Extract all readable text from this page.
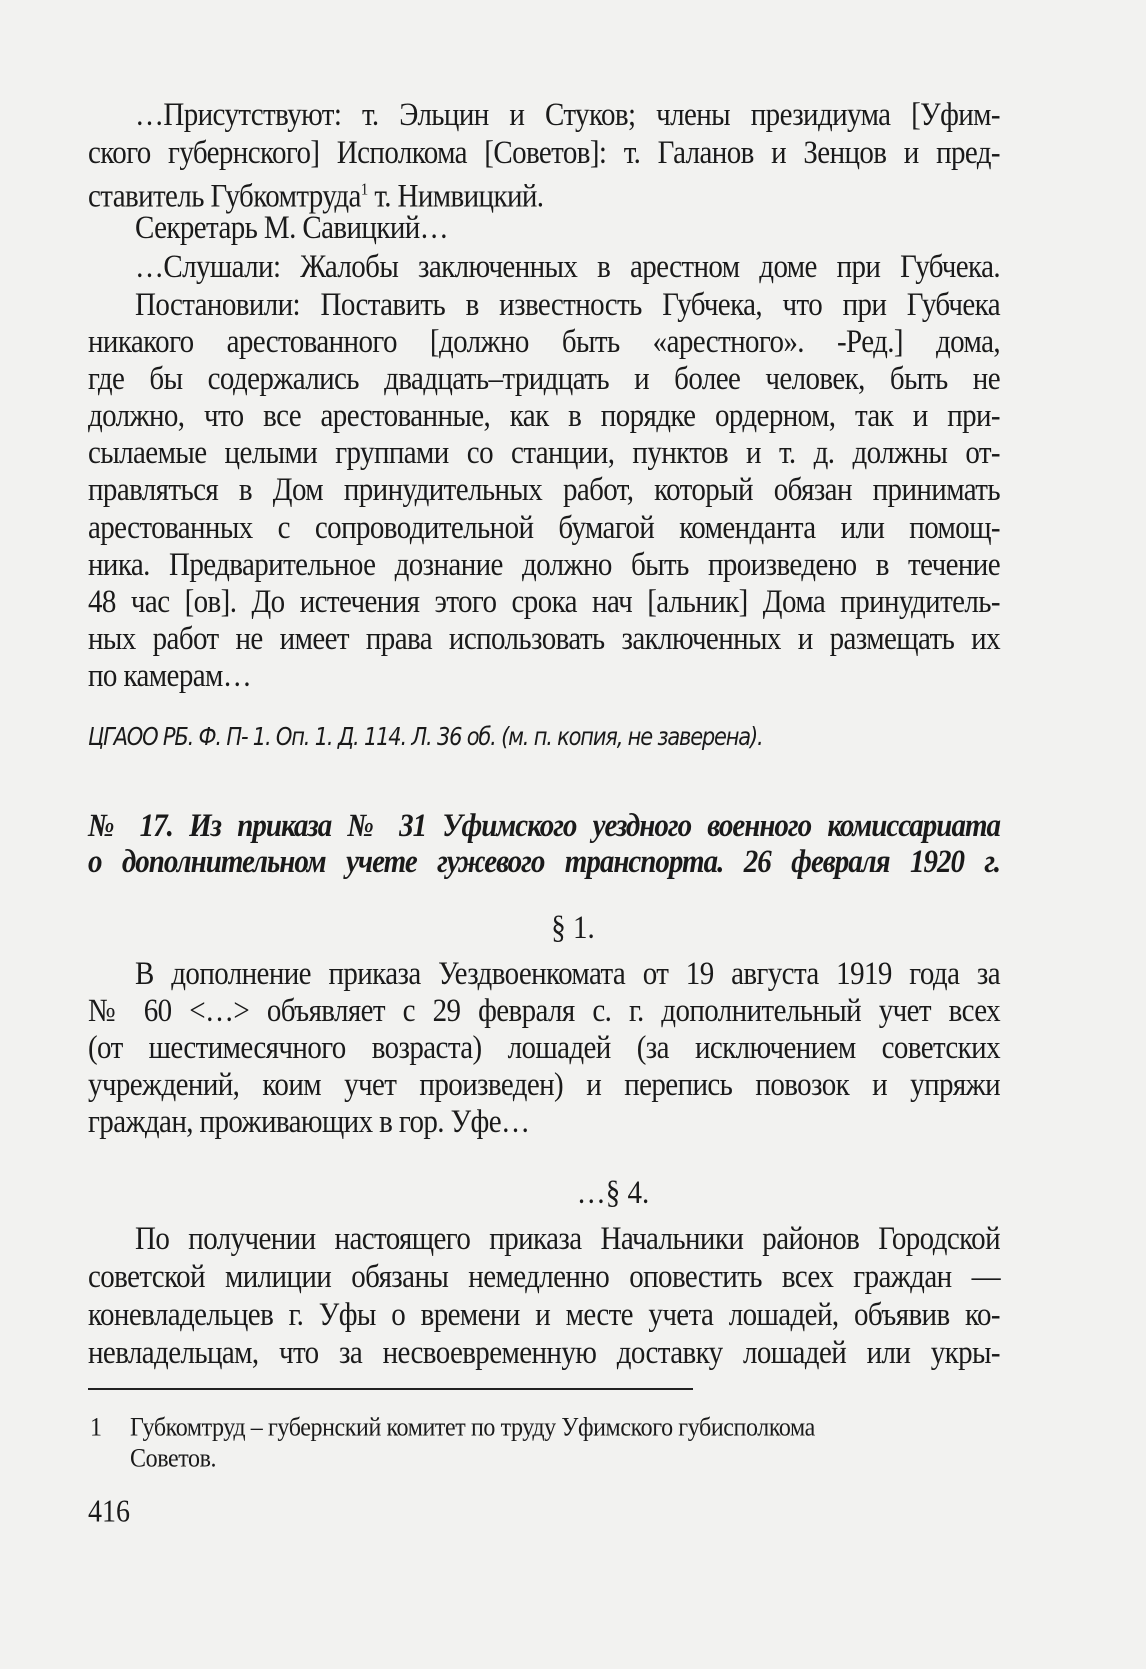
…Присутствуют: т. Эльцин и Стуков; члены президиума [Уфим-
ского губернского] Исполкома [Советов]: т. Галанов и Зенцов и пред-
ставитель Губкомтруда$^1$ т. Нимвицкий.
Секретарь М. Савицкий…
…Слушали: Жалобы заключенных в арестном доме при Губчека.
Постановили: Поставить в известность Губчека, что при Губчека
никакого арестованного [должно быть «арестного». -Ред.] дома,
где бы содержались двадцать–тридцать и более человек, быть не
должно, что все арестованные, как в порядке ордерном, так и при-
сылаемые целыми группами со станции, пунктов и т. д. должны от-
правляться в Дом принудительных работ, который обязан принимать
арестованных с сопроводительной бумагой коменданта или помощ-
ника. Предварительное дознание должно быть произведено в течение
48 час [ов]. До истечения этого срока нач [альник] Дома принудитель-
ных работ не имеет права использовать заключенных и размещать их
по камерам…
ЦГАОО РБ. Ф. П- 1. Оп. 1. Д. 114. Л. 36 об. (м. п. копия, не заверена).
№ 17. Из приказа № 31 Уфимского уездного военного комиссариата
о дополнительном учете гужевого транспорта. 26 февраля 1920 г.
§ 1.
В дополнение приказа Уездвоенкомата от 19 августа 1919 года за
№ 60 <…> объявляет с 29 февраля с. г. дополнительный учет всех
(от шестимесячного возраста) лошадей (за исключением советских
учреждений, коим учет произведен) и перепись повозок и упряжи
граждан, проживающих в гор. Уфе…
…§ 4.
По получении настоящего приказа Начальники районов Городской
советской милиции обязаны немедленно оповестить всех граждан —
коневладельцев г. Уфы о времени и месте учета лошадей, объявив ко-
невладельцам, что за несвоевременную доставку лошадей или укры-
1 Губкомтруд – губернский комитет по труду Уфимского губисполкома
Советов.
416
